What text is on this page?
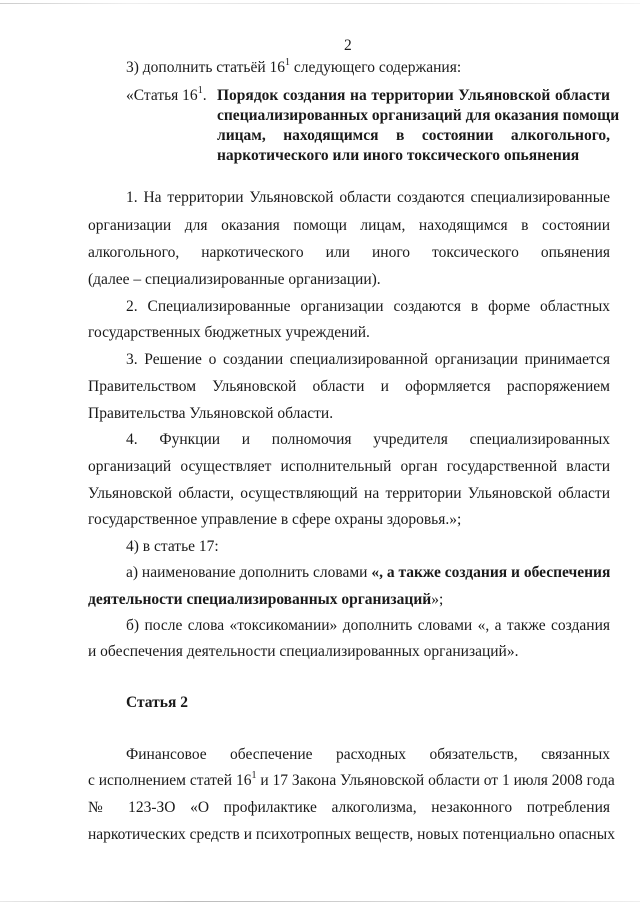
2
3) дополнить статьёй $16^1$ следующего содержания:
«Статья $16^1$. Порядок создания на территории Ульяновской области
специализированных организаций для оказания помощи
лицам, находящимся в состоянии алкогольного,
наркотического или иного токсического опьянения
1. На территории Ульяновской области создаются специализированные
организации для оказания помощи лицам, находящимся в состоянии
алкогольного, наркотического или иного токсического опьянения
(далее – специализированные организации).
2. Специализированные организации создаются в форме областных
государственных бюджетных учреждений.
3. Решение о создании специализированной организации принимается
Правительством Ульяновской области и оформляется распоряжением
Правительства Ульяновской области.
4. Функции и полномочия учредителя специализированных
организаций осуществляет исполнительный орган государственной власти
Ульяновской области, осуществляющий на территории Ульяновской области
государственное управление в сфере охраны здоровья.»;
4) в статье 17:
а) наименование дополнить словами «, а также создания и обеспечения
деятельности специализированных организаций»;
б) после слова «токсикомании» дополнить словами «, а также создания
и обеспечения деятельности специализированных организаций».
Статья 2
Финансовое обеспечение расходных обязательств, связанных
с исполнением статей $16^1$ и 17 Закона Ульяновской области от 1 июля 2008 года
№ 123-ЗО «О профилактике алкоголизма, незаконного потребления
наркотических средств и психотропных веществ, новых потенциально опасных
